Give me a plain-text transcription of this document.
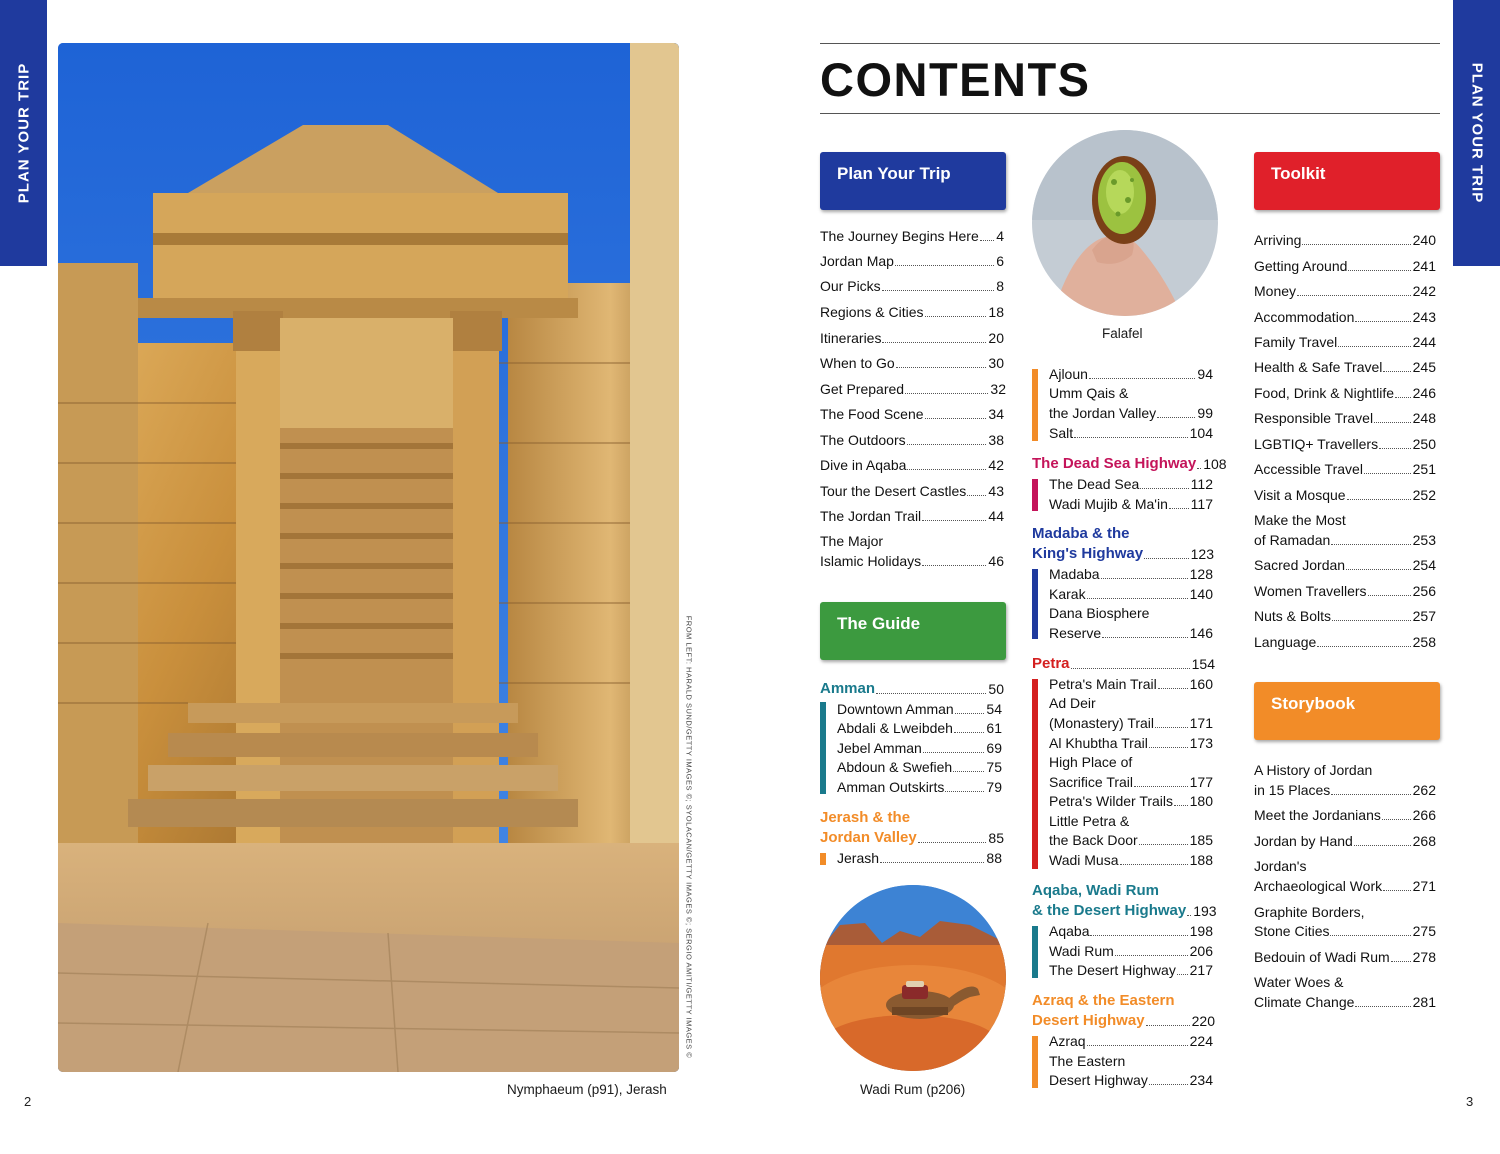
PLAN YOUR TRIP	PLAN YOUR TRIP
2	3
FROM LEFT: HARALD SUND/GETTY IMAGES ©; SYOLACAN/GETTY IMAGES ©; SERGIO AMITI/GETTY IMAGES ©
Nymphaeum (p91), Jerash
CONTENTS
Plan Your Trip
The Journey Begins Here 4
Jordan Map	6
Our Picks	8
Regions & Cities	18
Itineraries	20
When to Go	30
Get Prepared	32
The Food Scene	34
The Outdoors	38
Dive in Aqaba	42
Tour the Desert Castles 43
The Jordan Trail	44
The Major
Islamic Holidays	46
The Guide
Amman	50
Downtown Amman 54
Abdali & Lweibdeh 61
Jebel Amman	69
Abdoun & Swefieh 75
Amman Outskirts	79
Jerash & the
Jordan Valley	85
Jerash	88
Wadi Rum (p206)
Falafel
Ajloun	94
Umm Qais &
the Jordan Valley	99
Salt	104
The Dead Sea Highway 108
The Dead Sea	112
Wadi Mujib & Ma'in 117
Madaba & the
King's Highway	123
Madaba	128
Karak	140
Dana Biosphere
Reserve	146
Petra	154
Petra's Main Trail 160
Ad Deir
(Monastery) Trail	171
Al Khubtha Trail	173
High Place of
Sacrifice Trail	177
Petra's Wilder Trails 180
Little Petra &
the Back Door	185
Wadi Musa	188
Aqaba, Wadi Rum
& the Desert Highway 193
Aqaba	198
Wadi Rum	206
The Desert Highway 217
Azraq & the Eastern
Desert Highway	220
Azraq	224
The Eastern
Desert Highway	234
Toolkit
Arriving	240
Getting Around	241
Money	242
Accommodation	243
Family Travel	244
Health & Safe Travel 245
Food, Drink & Nightlife 246
Responsible Travel	248
LGBTIQ+ Travellers 250
Accessible Travel	251
Visit a Mosque	252
Make the Most
of Ramadan	253
Sacred Jordan	254
Women Travellers	256
Nuts & Bolts	257
Language	258
Storybook
A History of Jordan
in 15 Places	262
Meet the Jordanians 266
Jordan by Hand	268
Jordan's
Archaeological Work 271
Graphite Borders,
Stone Cities	275
Bedouin of Wadi Rum 278
Water Woes &
Climate Change	281
